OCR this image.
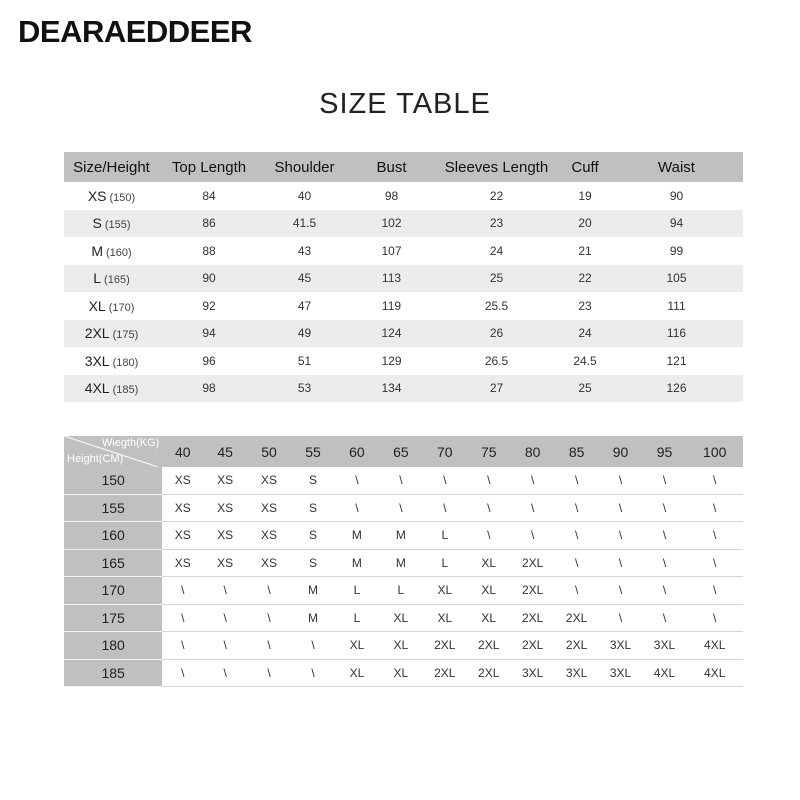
DEARAEDDEER
SIZE TABLE
Size/Height	Top Length	Shoulder	Bust	Sleeves Length	Cuff	Waist
XS (150)	84	40	98	22	19	90
S (155)	86	41.5	102	23	20	94
M (160)	88	43	107	24	21	99
L (165)	90	45	113	25	22	105
XL (170)	92	47	119	25.5	23	111
2XL (175)	94	49	124	26	24	116
3XL (180)	96	51	129	26.5	24.5	121
4XL (185)	98	53	134	27	25	126
Wiegth(KG)
Height(CM)	40	45	50	55	60	65	70	75	80	85	90	95	100
150	XS	XS	XS	S	\	\	\	\	\	\	\	\	\
155	XS	XS	XS	S	\	\	\	\	\	\	\	\	\
160	XS	XS	XS	S	M	M	L	\	\	\	\	\	\
165	XS	XS	XS	S	M	M	L	XL	2XL	\	\	\	\
170	\	\	\	M	L	L	XL	XL	2XL	\	\	\	\
175	\	\	\	M	L	XL	XL	XL	2XL	2XL	\	\	\
180	\	\	\	\	XL	XL	2XL	2XL	2XL	2XL	3XL	3XL	4XL
185	\	\	\	\	XL	XL	2XL	2XL	3XL	3XL	3XL	4XL	4XL
